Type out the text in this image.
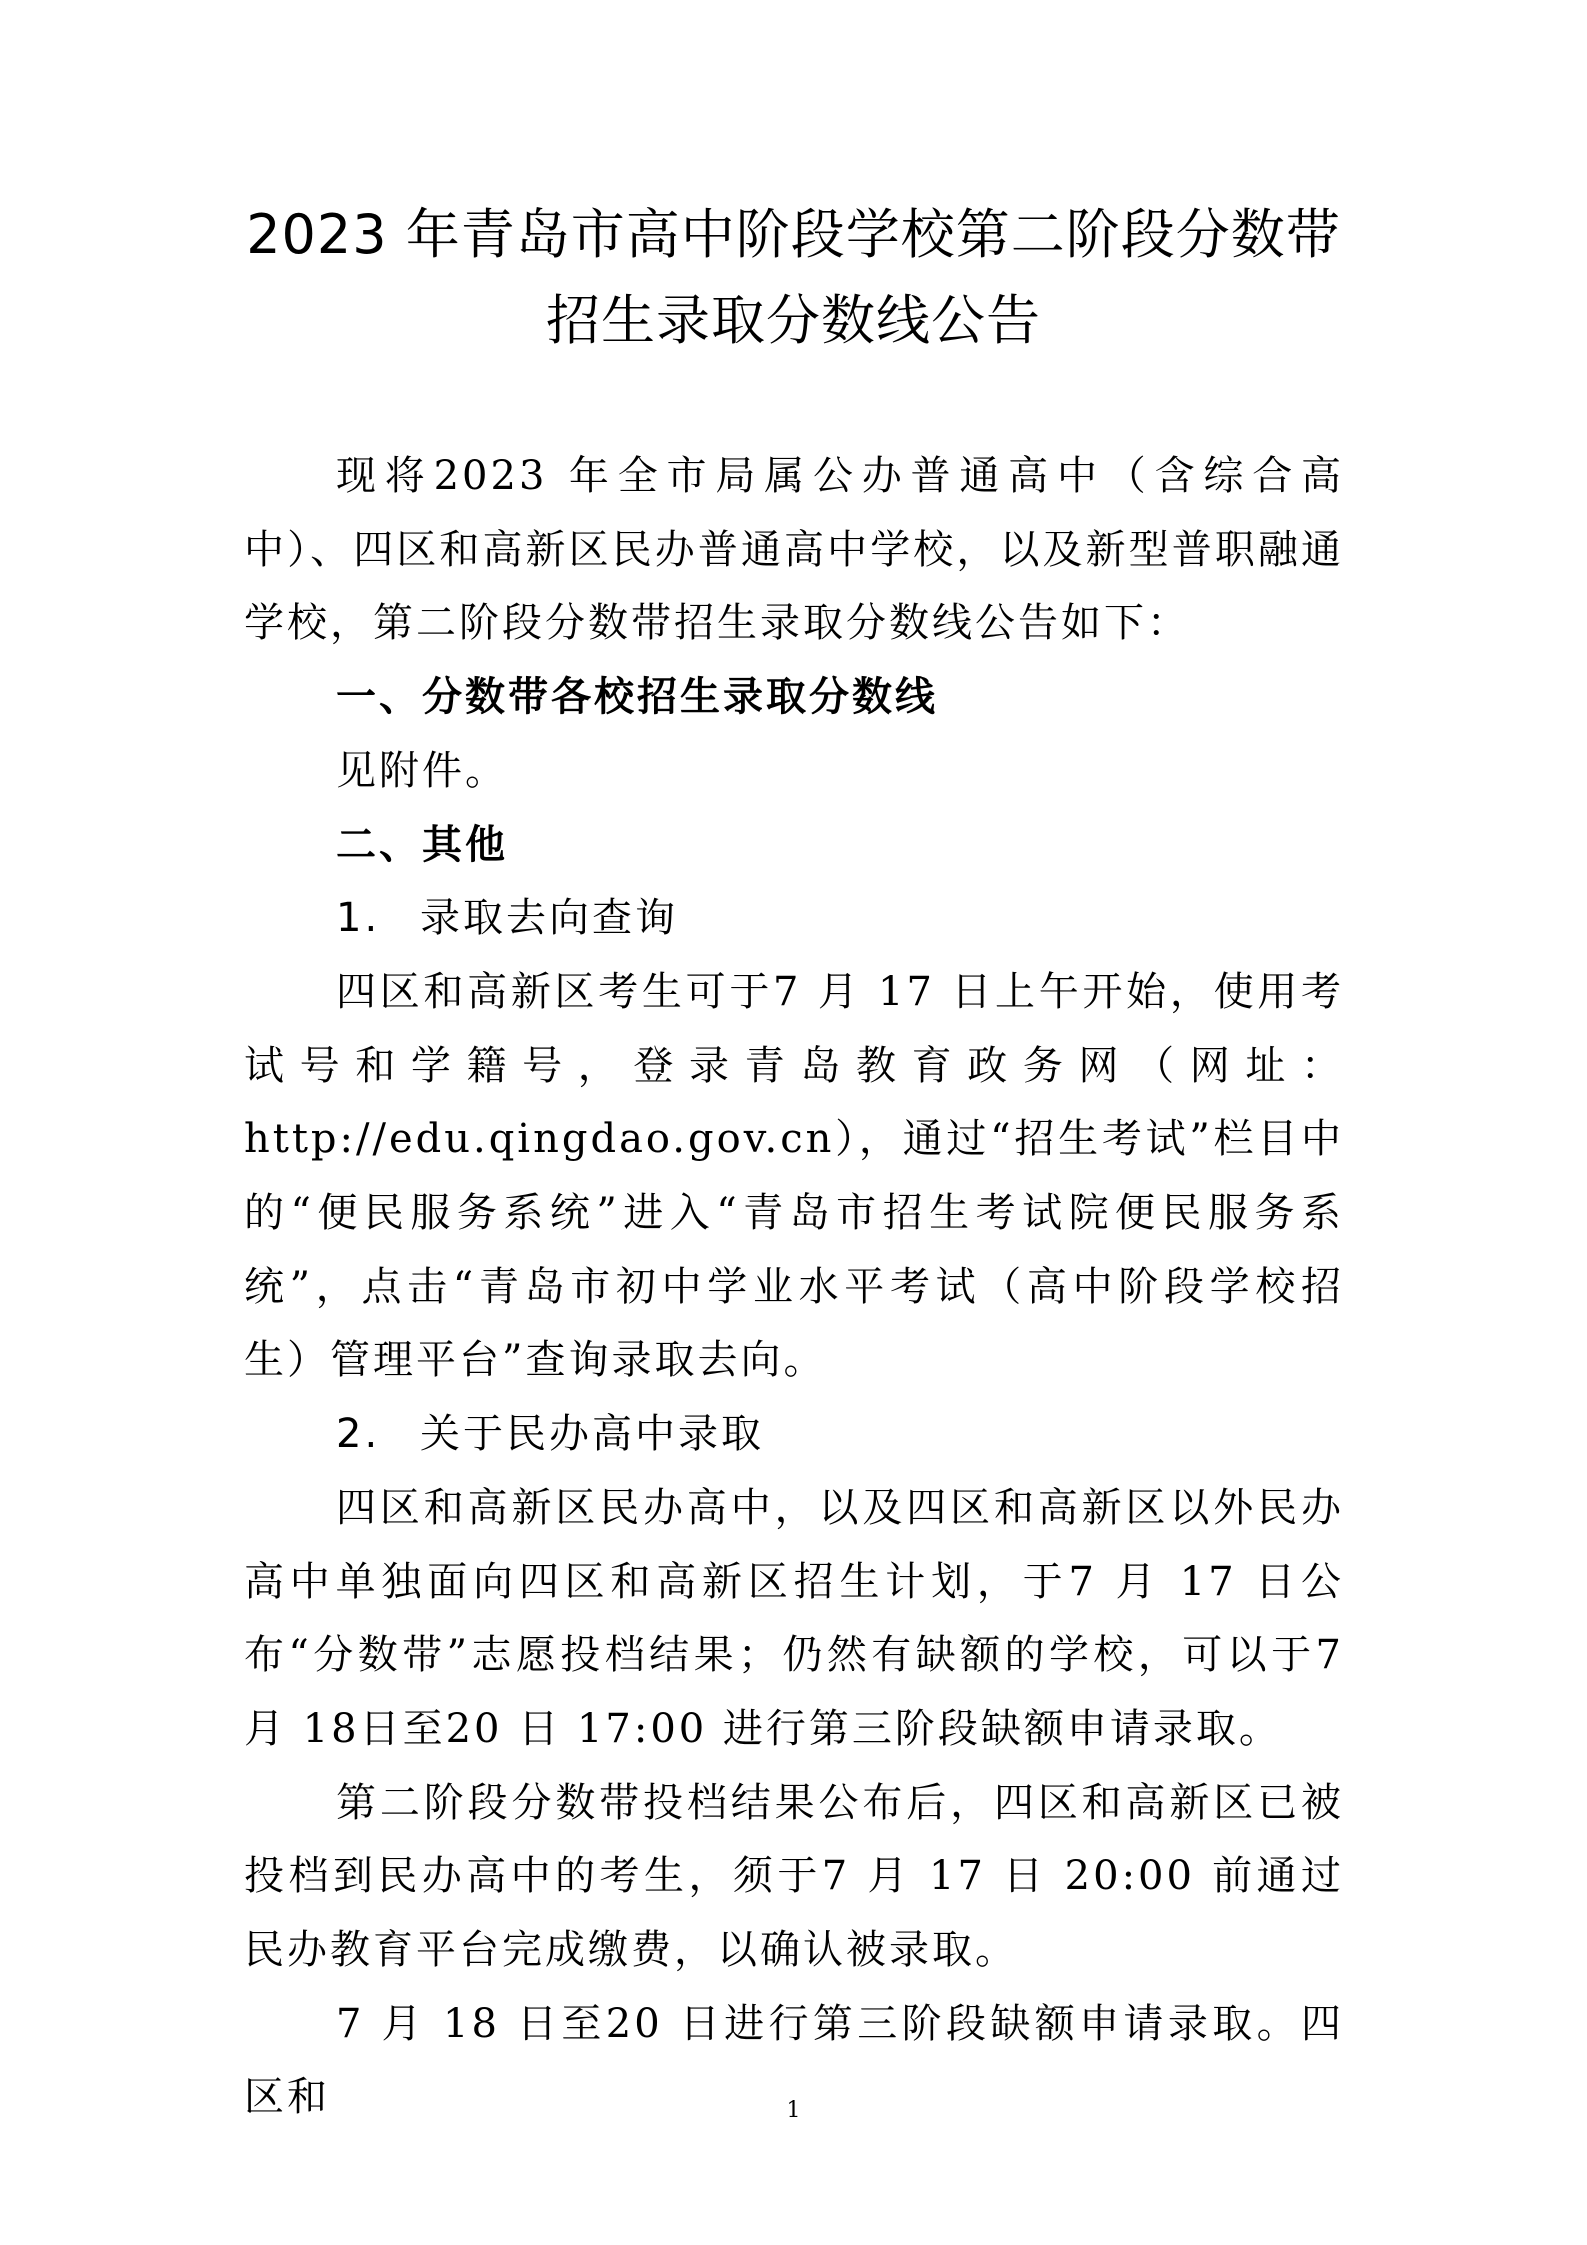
2023 年青岛市高中阶段学校第二阶段分数带
招生录取分数线公告

现将2023 年全市局属公办普通高中（含综合高中）、四区和高新区民办普通高中学校，以及新型普职融通学校，第二阶段分数带招生录取分数线公告如下：

一、分数带各校招生录取分数线

见附件。

二、其他

1. 录取去向查询

四区和高新区考生可于7 月 17 日上午开始，使用考试号和学籍号，登录青岛教育政务网（网址：http://edu.qingdao.gov.cn），通过“招生考试”栏目中的“便民服务系统”进入“青岛市招生考试院便民服务系统”，点击“青岛市初中学业水平考试（高中阶段学校招生）管理平台”查询录取去向。

2. 关于民办高中录取

四区和高新区民办高中，以及四区和高新区以外民办高中单独面向四区和高新区招生计划，于7 月 17 日公布“分数带”志愿投档结果；仍然有缺额的学校，可以于7 月 18日至20 日 17:00 进行第三阶段缺额申请录取。

第二阶段分数带投档结果公布后，四区和高新区已被投档到民办高中的考生，须于7 月 17 日 20:00 前通过民办教育平台完成缴费，以确认被录取。

7 月 18 日至20 日进行第三阶段缺额申请录取。四区和	1
